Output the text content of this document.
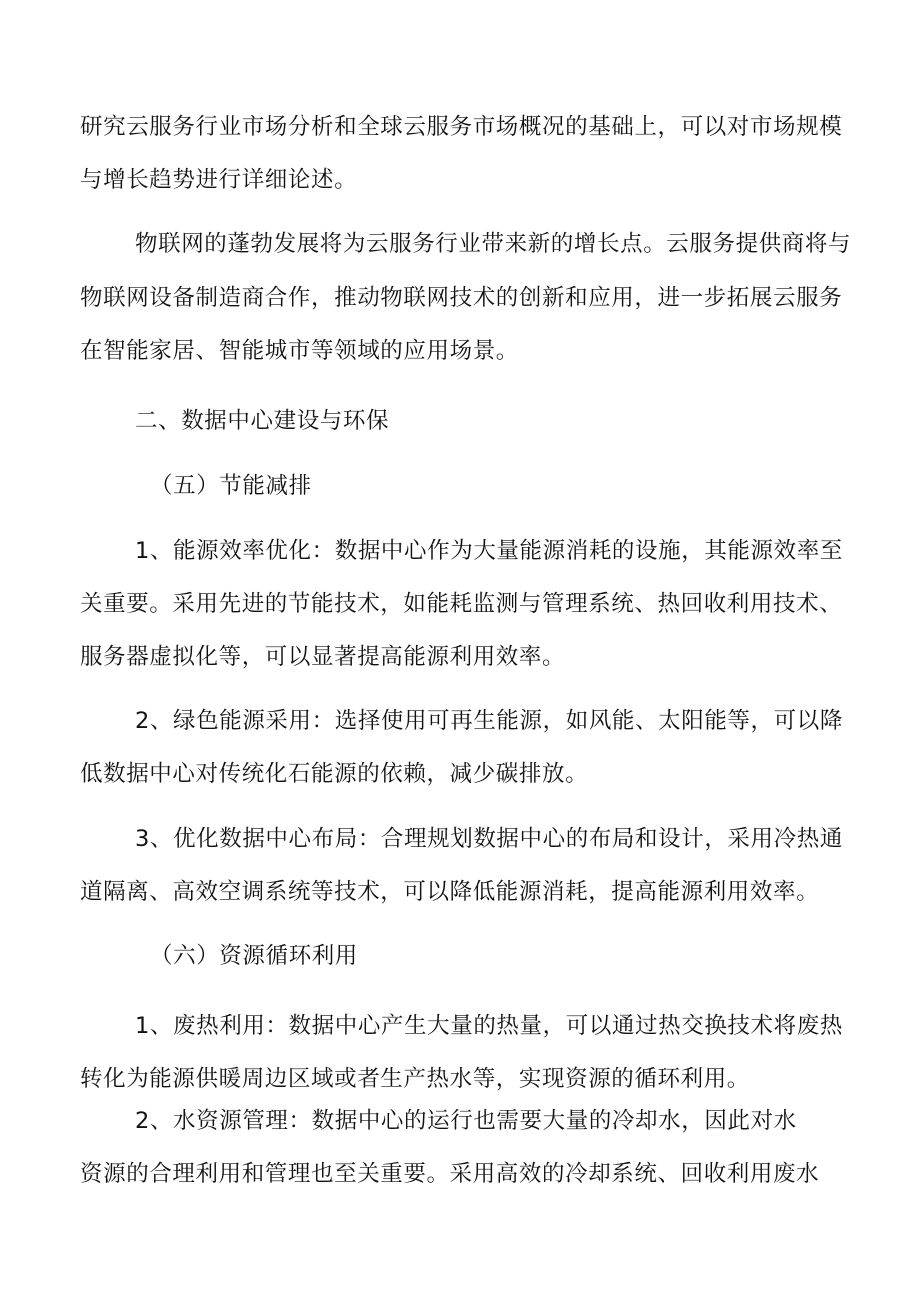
研究云服务行业市场分析和全球云服务市场概况的基础上，可以对市场规模
与增长趋势进行详细论述。
物联网的蓬勃发展将为云服务行业带来新的增长点。云服务提供商将与
物联网设备制造商合作，推动物联网技术的创新和应用，进一步拓展云服务
在智能家居、智能城市等领域的应用场景。
二、数据中心建设与环保
（五）节能减排
1、能源效率优化：数据中心作为大量能源消耗的设施，其能源效率至
关重要。采用先进的节能技术，如能耗监测与管理系统、热回收利用技术、
服务器虚拟化等，可以显著提高能源利用效率。
2、绿色能源采用：选择使用可再生能源，如风能、太阳能等，可以降
低数据中心对传统化石能源的依赖，减少碳排放。
3、优化数据中心布局：合理规划数据中心的布局和设计，采用冷热通
道隔离、高效空调系统等技术，可以降低能源消耗，提高能源利用效率。
（六）资源循环利用
1、废热利用：数据中心产生大量的热量，可以通过热交换技术将废热
转化为能源供暖周边区域或者生产热水等，实现资源的循环利用。
2、水资源管理：数据中心的运行也需要大量的冷却水，因此对水
资源的合理利用和管理也至关重要。采用高效的冷却系统、回收利用废水
